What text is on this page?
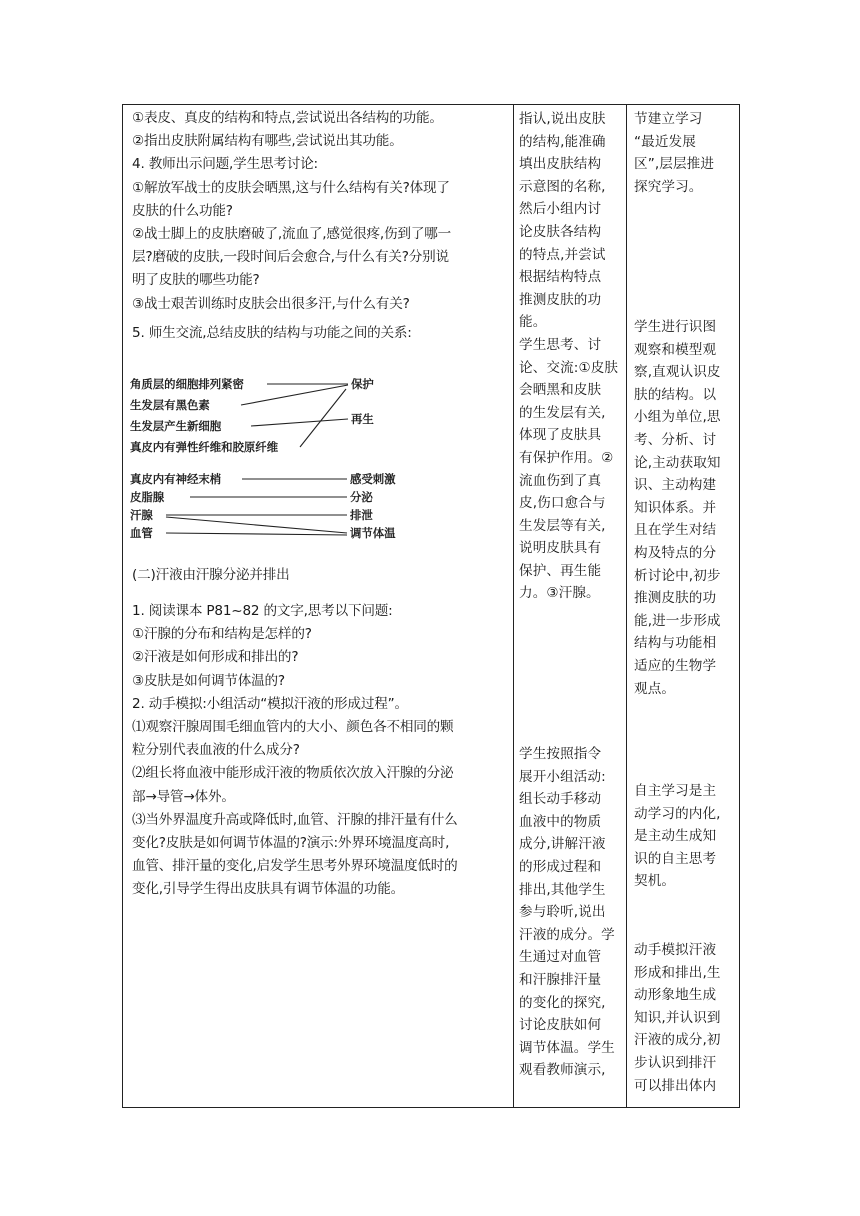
①表皮、真皮的结构和特点,尝试说出各结构的功能。
②指出皮肤附属结构有哪些,尝试说出其功能。
4. 教师出示问题,学生思考讨论:
①解放军战士的皮肤会晒黑,这与什么结构有关?体现了
皮肤的什么功能?
②战士脚上的皮肤磨破了,流血了,感觉很疼,伤到了哪一
层?磨破的皮肤,一段时间后会愈合,与什么有关?分别说
明了皮肤的哪些功能?
③战士艰苦训练时皮肤会出很多汗,与什么有关?
5. 师生交流,总结皮肤的结构与功能之间的关系:
角质层的细胞排列紧密
生发层有黑色素
生发层产生新细胞
真皮内有弹性纤维和胶原纤维
保护
再生
真皮内有神经末梢
皮脂腺
汗腺
血管
感受刺激
分泌
排泄
调节体温
(二)汗液由汗腺分泌并排出
1. 阅读课本 P81~82 的文字,思考以下问题:
①汗腺的分布和结构是怎样的?
②汗液是如何形成和排出的?
③皮肤是如何调节体温的?
2. 动手模拟:小组活动“模拟汗液的形成过程”。
⑴观察汗腺周围毛细血管内的大小、颜色各不相同的颗
粒分别代表血液的什么成分?
⑵组长将血液中能形成汗液的物质依次放入汗腺的分泌
部→导管→体外。
⑶当外界温度升高或降低时,血管、汗腺的排汗量有什么
变化?皮肤是如何调节体温的?演示:外界环境温度高时,
血管、排汗量的变化,启发学生思考外界环境温度低时的
变化,引导学生得出皮肤具有调节体温的功能。
指认,说出皮肤
的结构,能准确
填出皮肤结构
示意图的名称,
然后小组内讨
论皮肤各结构
的特点,并尝试
根据结构特点
推测皮肤的功
能。
学生思考、讨
论、交流:①皮肤
会晒黑和皮肤
的生发层有关,
体现了皮肤具
有保护作用。②
流血伤到了真
皮,伤口愈合与
生发层等有关,
说明皮肤具有
保护、再生能
力。③汗腺。
学生按照指令
展开小组活动:
组长动手移动
血液中的物质
成分,讲解汗液
的形成过程和
排出,其他学生
参与聆听,说出
汗液的成分。学
生通过对血管
和汗腺排汗量
的变化的探究,
讨论皮肤如何
调节体温。学生
观看教师演示,
节建立学习
“最近发展
区”,层层推进
探究学习。
学生进行识图
观察和模型观
察,直观认识皮
肤的结构。以
小组为单位,思
考、分析、讨
论,主动获取知
识、主动构建
知识体系。并
且在学生对结
构及特点的分
析讨论中,初步
推测皮肤的功
能,进一步形成
结构与功能相
适应的生物学
观点。
自主学习是主
动学习的内化,
是主动生成知
识的自主思考
契机。
动手模拟汗液
形成和排出,生
动形象地生成
知识,并认识到
汗液的成分,初
步认识到排汗
可以排出体内
